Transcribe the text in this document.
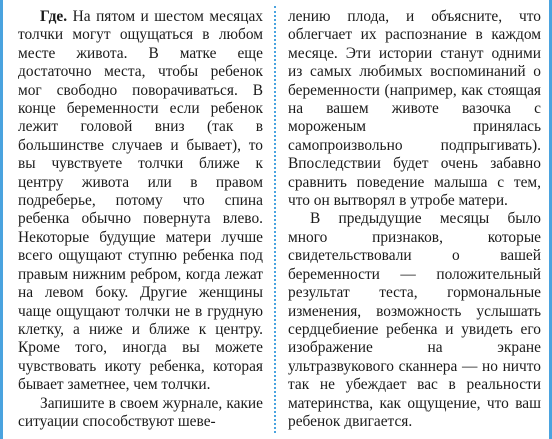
Где. На пятом и шестом месяцах толчки могут ощущаться в любом месте живота. В матке еще достаточно места, чтобы ребенок мог свободно поворачиваться. В конце беременности если ребенок лежит головой вниз (так в большинстве случаев и бывает), то вы чувствуете толчки ближе к центру живота или в правом подреберье, потому что спина ребенка обычно повернута влево. Некоторые будущие матери лучше всего ощущают ступню ребенка под правым нижним ребром, когда лежат на левом боку. Другие женщины чаще ощущают толчки не в грудную клетку, а ниже и ближе к центру. Кроме того, иногда вы можете чувствовать икоту ребенка, которая бывает заметнее, чем толчки.

Запишите в своем журнале, какие ситуации способствуют шеве-

лению плода, и объясните, что облегчает их распознание в каждом месяце. Эти истории станут одними из самых любимых воспоминаний о беременности (например, как стоящая на вашем животе вазочка с мороженым принялась самопроизвольно подпрыгивать). Впоследствии будет очень забавно сравнить поведение малыша с тем, что он вытворял в утробе матери.

В предыдущие месяцы было много признаков, которые свидетельствовали о вашей беременности — положительный результат теста, гормональные изменения, возможность услышать сердцебиение ребенка и увидеть его изображение на экране ультразвукового сканнера — но ничто так не убеждает вас в реальности материнства, как ощущение, что ваш ребенок двигается.
